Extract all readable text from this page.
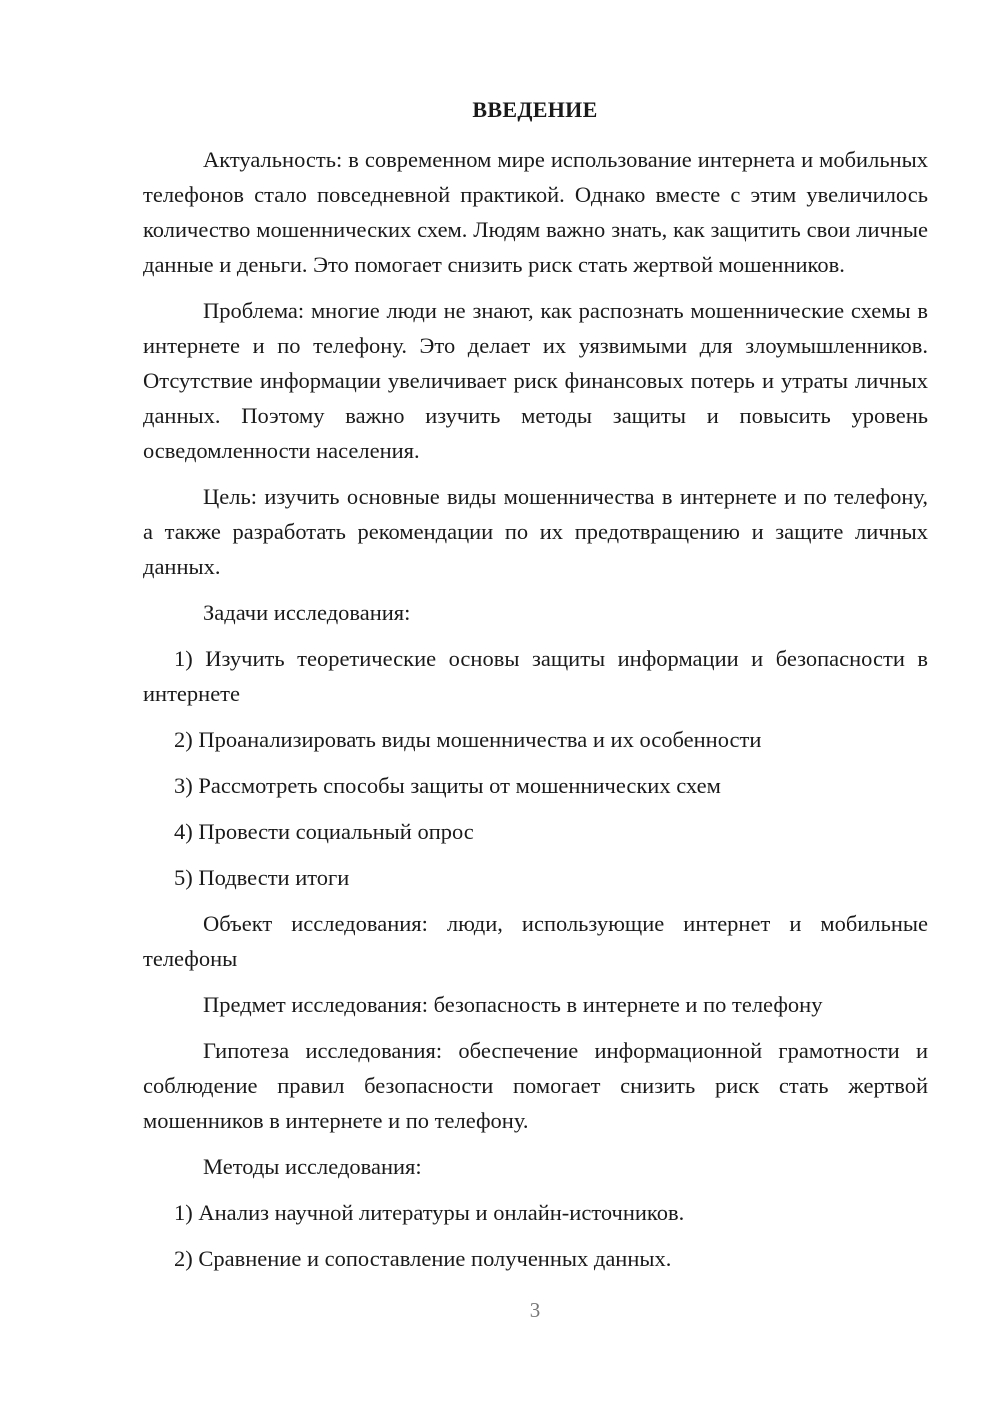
ВВЕДЕНИЕ

Актуальность: в современном мире использование интернета и мобильных телефонов стало повседневной практикой. Однако вместе с этим увеличилось количество мошеннических схем. Людям важно знать, как защитить свои личные данные и деньги. Это помогает снизить риск стать жертвой мошенников.

Проблема: многие люди не знают, как распознать мошеннические схемы в интернете и по телефону. Это делает их уязвимыми для злоумышленников. Отсутствие информации увеличивает риск финансовых потерь и утраты личных данных. Поэтому важно изучить методы защиты и повысить уровень осведомленности населения.

Цель: изучить основные виды мошенничества в интернете и по телефону, а также разработать рекомендации по их предотвращению и защите личных данных.

Задачи исследования:

1) Изучить теоретические основы защиты информации и безопасности в интернете

2) Проанализировать виды мошенничества и их особенности

3) Рассмотреть способы защиты от мошеннических схем

4) Провести социальный опрос

5) Подвести итоги

Объект исследования: люди, использующие интернет и мобильные телефоны

Предмет исследования: безопасность в интернете и по телефону

Гипотеза исследования: обеспечение информационной грамотности и соблюдение правил безопасности помогает снизить риск стать жертвой мошенников в интернете и по телефону.

Методы исследования:

1) Анализ научной литературы и онлайн-источников.

2) Сравнение и сопоставление полученных данных.

3
